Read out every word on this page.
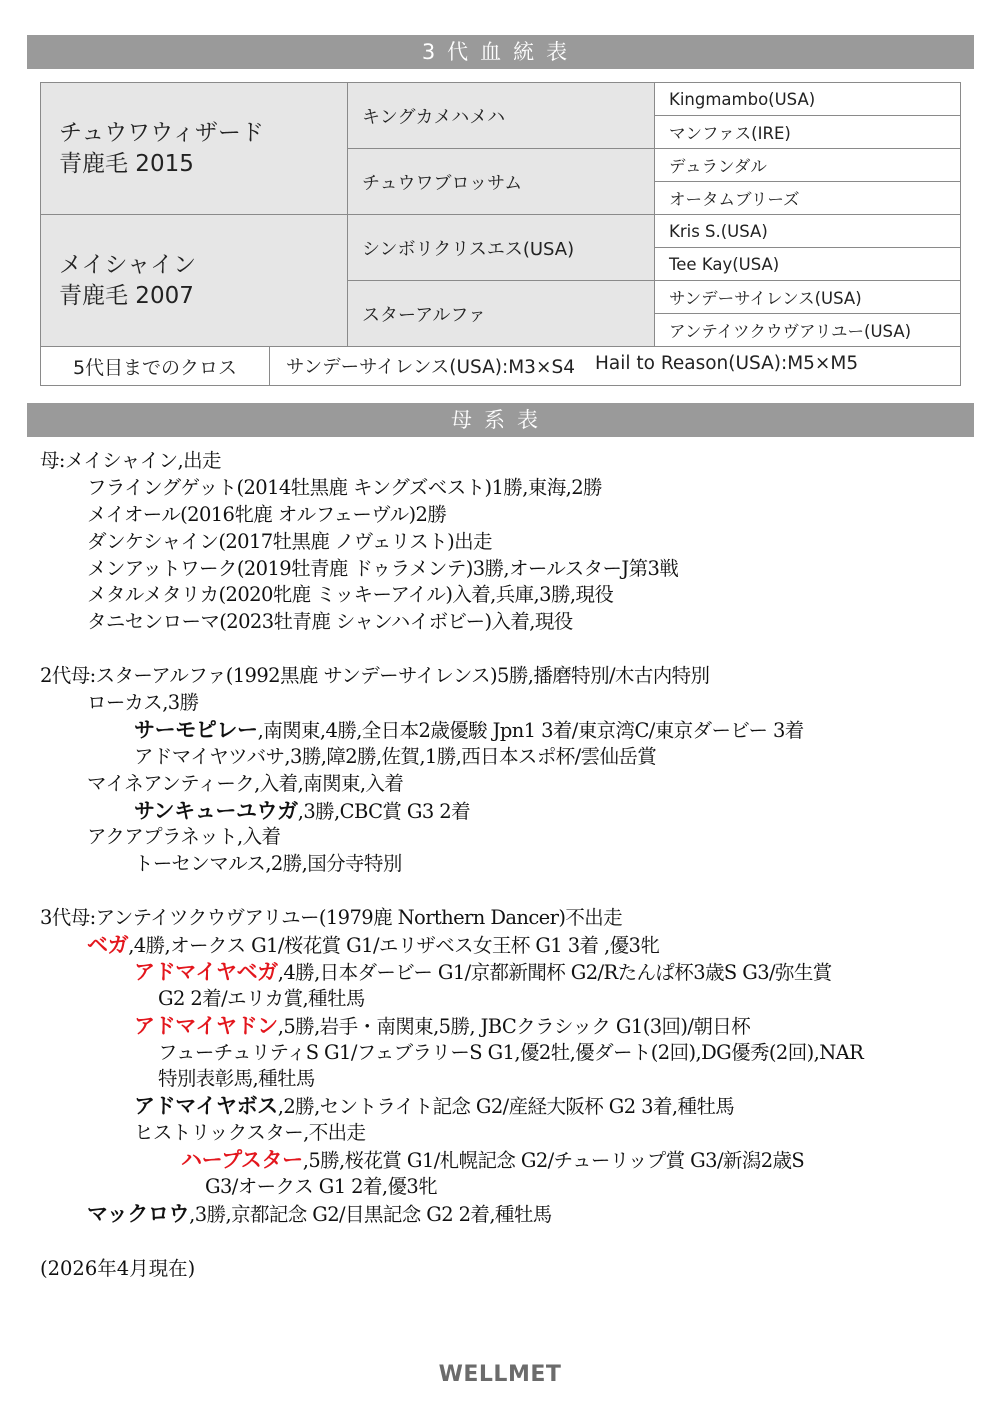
3代血統表
チュウワウィザード
青鹿毛 2015		キングカメハメハ	Kingmambo(USA)
			マンファス(IRE)
		チュウワブロッサム	デュランダル
			オータムブリーズ

メイシャイン
青鹿毛 2007		シンボリクリスエス(USA)	Kris S.(USA)
			Tee Kay(USA)
		スターアルファ	サンデーサイレンス(USA)
			アンテイツクウヴアリユー(USA)
5代目までのクロス	サンデーサイレンス(USA):M3×S4 Hail to Reason(USA):M5×M5		
母系表
母:メイシャイン,出走
フライングゲット(2014牡黒鹿 キングズベスト)1勝,東海,2勝
メイオール(2016牝鹿 オルフェーヴル)2勝
ダンケシャイン(2017牡黒鹿 ノヴェリスト)出走
メンアットワーク(2019牡青鹿 ドゥラメンテ)3勝,オールスターJ第3戦
メタルメタリカ(2020牝鹿 ミッキーアイル)入着,兵庫,3勝,現役
タニセンローマ(2023牡青鹿 シャンハイボビー)入着,現役
2代母:スターアルファ(1992黒鹿 サンデーサイレンス)5勝,播磨特別/木古内特別
ローカス,3勝
サーモピレー,南関東,4勝,全日本2歳優駿 Jpn1 3着/東京湾C/東京ダービー 3着
アドマイヤツバサ,3勝,障2勝,佐賀,1勝,西日本スポ杯/雲仙岳賞
マイネアンティーク,入着,南関東,入着
サンキューユウガ,3勝,CBC賞 G3 2着
アクアプラネット,入着
トーセンマルス,2勝,国分寺特別
3代母:アンテイツクウヴアリユー(1979鹿 Northern Dancer)不出走
ベガ,4勝,オークス G1/桜花賞 G1/エリザベス女王杯 G1 3着 ,優3牝
アドマイヤベガ,4勝,日本ダービー G1/京都新聞杯 G2/Rたんぱ杯3歳S G3/弥生賞
G2 2着/エリカ賞,種牡馬
アドマイヤドン,5勝,岩手・南関東,5勝, JBCクラシック G1(3回)/朝日杯
フューチュリティS G1/フェブラリーS G1,優2牡,優ダート(2回),DG優秀(2回),NAR
特別表彰馬,種牡馬
アドマイヤボス,2勝,セントライト記念 G2/産経大阪杯 G2 3着,種牡馬
ヒストリックスター,不出走
ハープスター,5勝,桜花賞 G1/札幌記念 G2/チューリップ賞 G3/新潟2歳S
G3/オークス G1 2着,優3牝
マックロウ,3勝,京都記念 G2/目黒記念 G2 2着,種牡馬
(2026年4月現在)
WELLMET
